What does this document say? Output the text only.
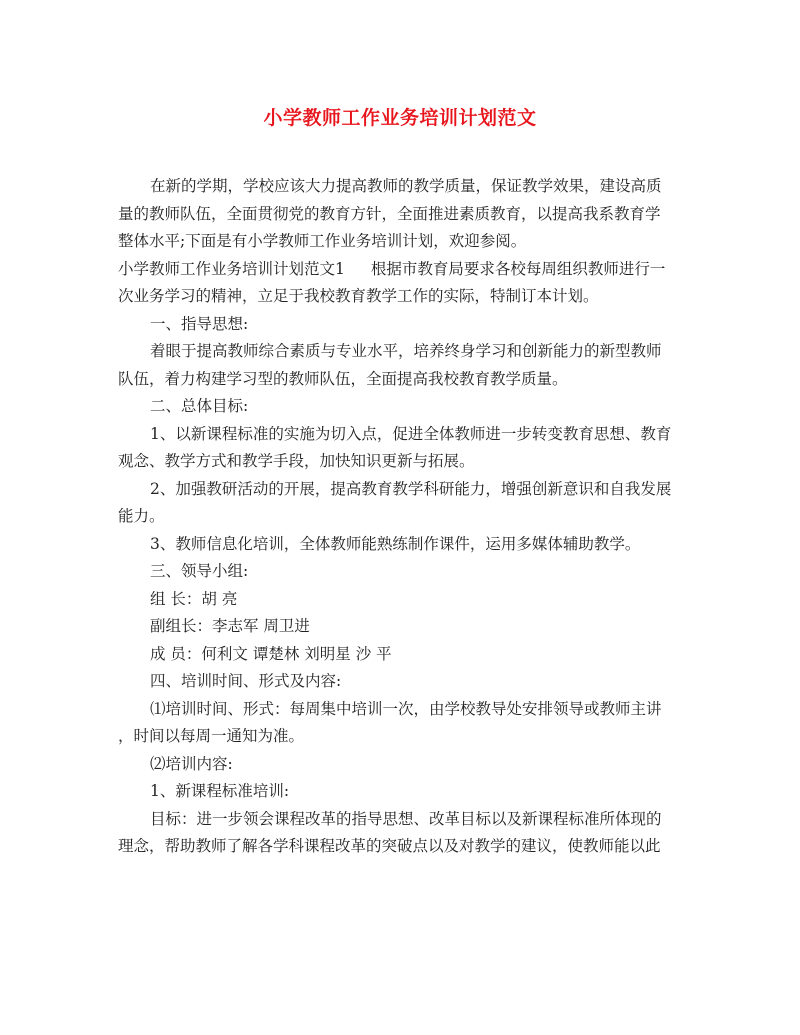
小学教师工作业务培训计划范文
在新的学期，学校应该大力提高教师的教学质量，保证教学效果，建设高质
量的教师队伍，全面贯彻党的教育方针，全面推进素质教育，以提高我系教育学
整体水平;下面是有小学教师工作业务培训计划，欢迎参阅。
小学教师工作业务培训计划范文1 根据市教育局要求各校每周组织教师进行一
次业务学习的精神，立足于我校教育教学工作的实际，特制订本计划。
一、指导思想:
着眼于提高教师综合素质与专业水平，培养终身学习和创新能力的新型教师
队伍，着力构建学习型的教师队伍，全面提高我校教育教学质量。
二、总体目标:
1、以新课程标准的实施为切入点，促进全体教师进一步转变教育思想、教育
观念、教学方式和教学手段，加快知识更新与拓展。
2、加强教研活动的开展，提高教育教学科研能力，增强创新意识和自我发展
能力。
3、教师信息化培训，全体教师能熟练制作课件，运用多媒体辅助教学。
三、领导小组:
组 长：胡 亮
副组长：李志军 周卫进
成 员：何利文 谭楚林 刘明星 沙 平
四、培训时间、形式及内容:
⑴培训时间、形式：每周集中培训一次，由学校教导处安排领导或教师主讲
，时间以每周一通知为准。
⑵培训内容:
1、新课程标准培训:
目标：进一步领会课程改革的指导思想、改革目标以及新课程标准所体现的
理念，帮助教师了解各学科课程改革的突破点以及对教学的建议，使教师能以此
